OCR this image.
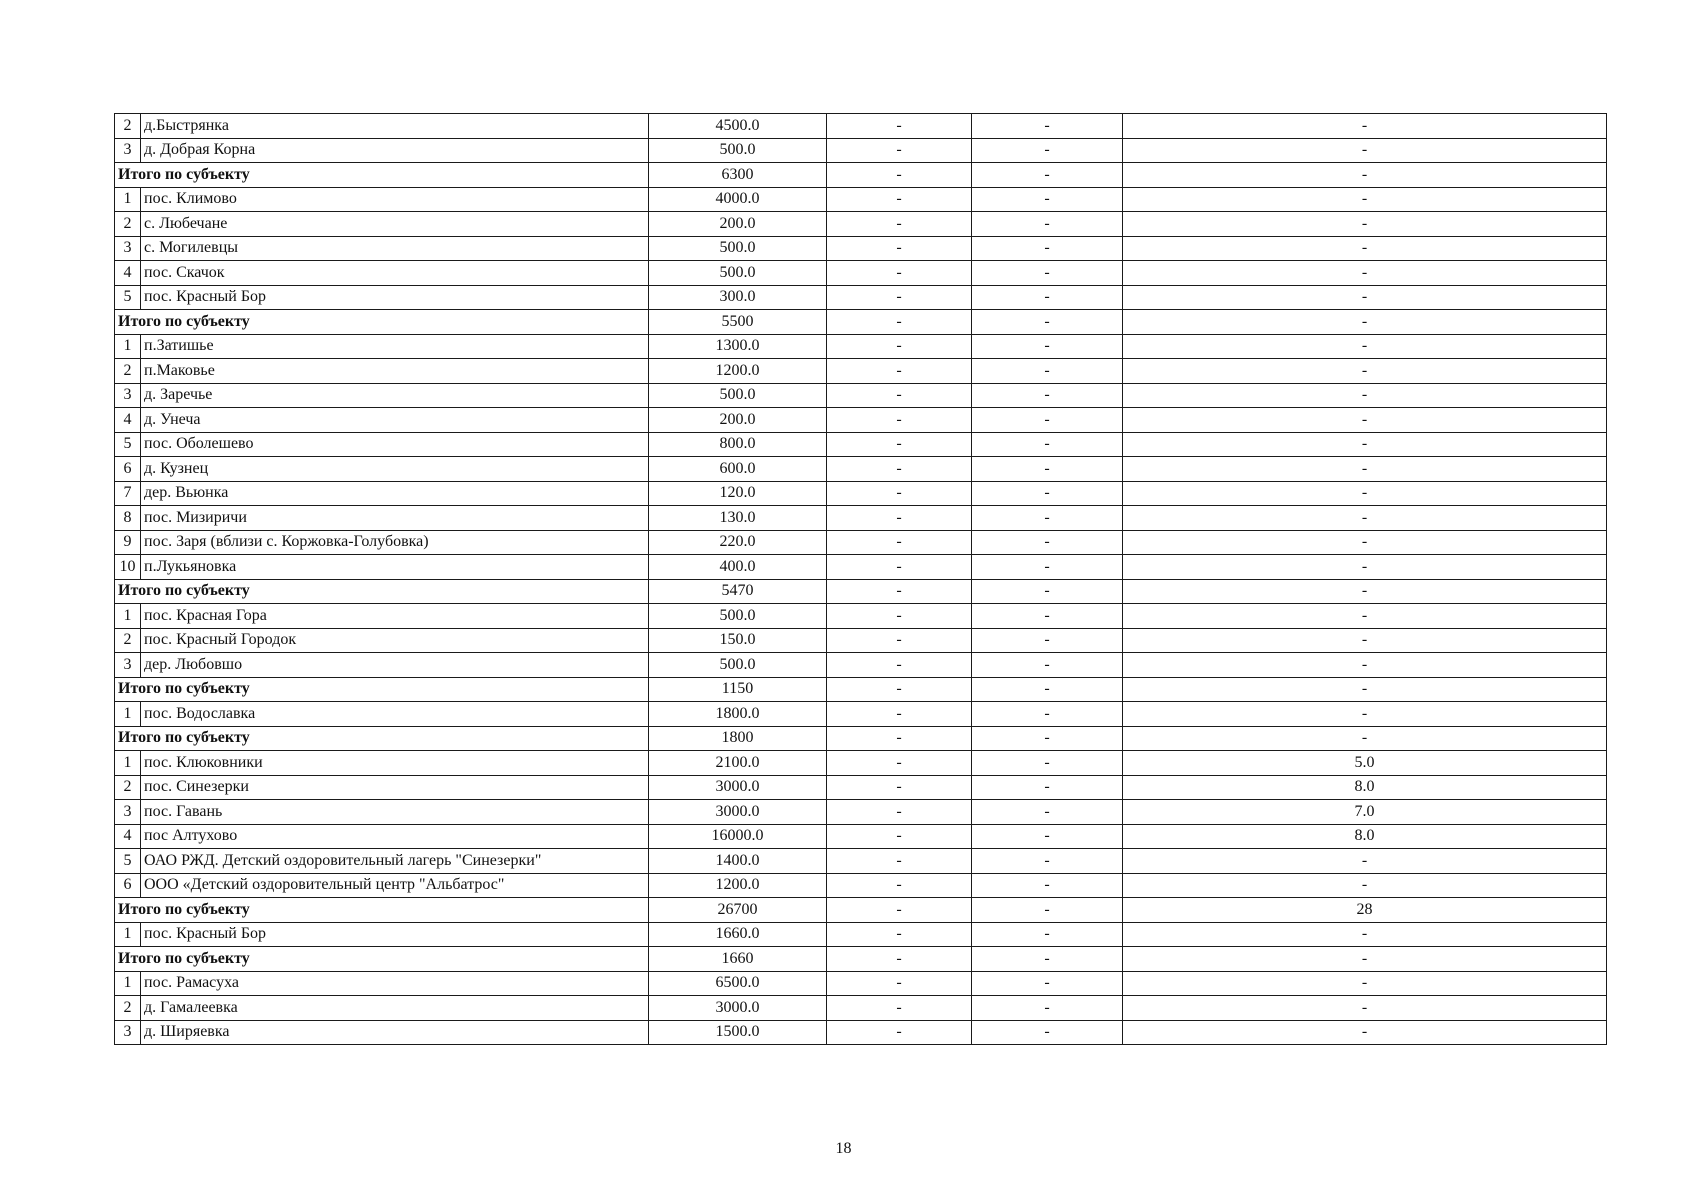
2	д.Быстрянка	4500.0	-	-	-
3	д. Добрая Корна	500.0	-	-	-
Итого по субъекту		6300	-	-	-
1	пос. Климово	4000.0	-	-	-
2	с. Любечане	200.0	-	-	-
3	с. Могилевцы	500.0	-	-	-
4	пос. Скачок	500.0	-	-	-
5	пос. Красный Бор	300.0	-	-	-
Итого по субъекту		5500	-	-	-
1	п.Затишье	1300.0	-	-	-
2	п.Маковье	1200.0	-	-	-
3	д. Заречье	500.0	-	-	-
4	д. Унеча	200.0	-	-	-
5	пос. Оболешево	800.0	-	-	-
6	д. Кузнец	600.0	-	-	-
7	дер. Вьюнка	120.0	-	-	-
8	пос. Мизиричи	130.0	-	-	-
9	пос. Заря (вблизи с. Коржовка-Голубовка)	220.0	-	-	-
10	п.Лукьяновка	400.0	-	-	-
Итого по субъекту		5470	-	-	-
1	пос. Красная Гора	500.0	-	-	-
2	пос. Красный Городок	150.0	-	-	-
3	дер. Любовшо	500.0	-	-	-
Итого по субъекту		1150	-	-	-
1	пос. Водославка	1800.0	-	-	-
Итого по субъекту		1800	-	-	-
1	пос. Клюковники	2100.0	-	-	5.0
2	пос. Синезерки	3000.0	-	-	8.0
3	пос. Гавань	3000.0	-	-	7.0
4	пос Алтухово	16000.0	-	-	8.0
5	ОАО РЖД. Детский оздоровительный лагерь "Синезерки"	1400.0	-	-	-
6	ООО «Детский оздоровительный центр "Альбатрос"	1200.0	-	-	-
Итого по субъекту		26700	-	-	28
1	пос. Красный Бор	1660.0	-	-	-
Итого по субъекту		1660	-	-	-
1	пос. Рамасуха	6500.0	-	-	-
2	д. Гамалеевка	3000.0	-	-	-
3	д. Ширяевка	1500.0	-	-	-
18
